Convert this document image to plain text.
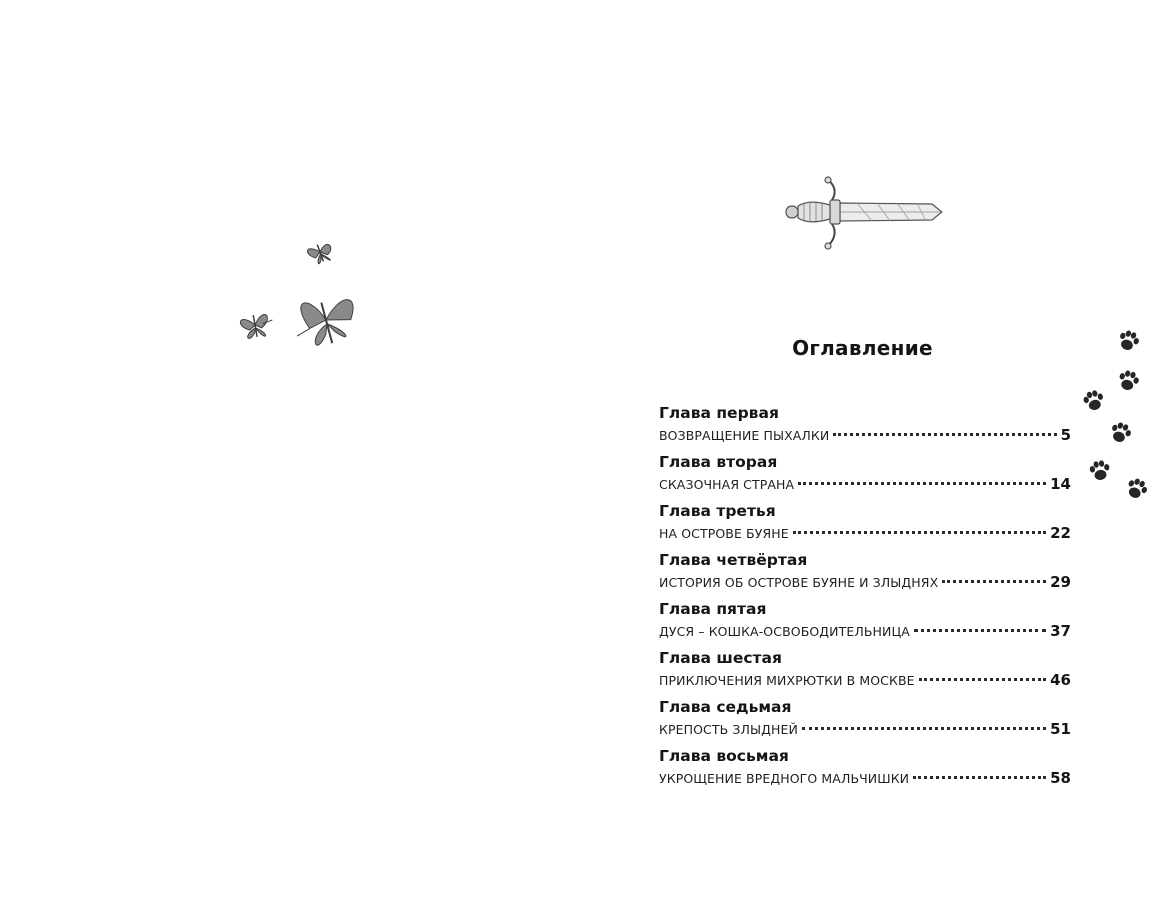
Оглавление
Глава первая
ВОЗВРАЩЕНИЕ ПЫХАЛКИ	5
Глава вторая
СКАЗОЧНАЯ СТРАНА	14
Глава третья
НА ОСТРОВЕ БУЯНЕ	22
Глава четвёртая
ИСТОРИЯ ОБ ОСТРОВЕ БУЯНЕ И ЗЛЫДНЯХ	29
Глава пятая
ДУСЯ – КОШКА-ОСВОБОДИТЕЛЬНИЦА	37
Глава шестая
ПРИКЛЮЧЕНИЯ МИХРЮТКИ В МОСКВЕ	46
Глава седьмая
КРЕПОСТЬ ЗЛЫДНЕЙ	51
Глава восьмая
УКРОЩЕНИЕ ВРЕДНОГО МАЛЬЧИШКИ	58
